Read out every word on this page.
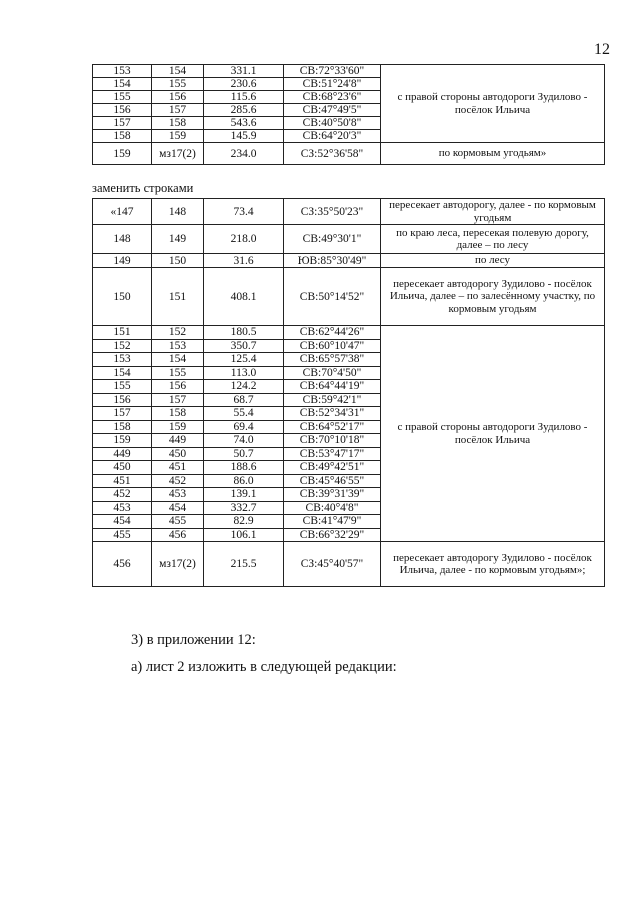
12
153	154	331.1	СВ:72°33'60"	с правой стороны автодороги Зудилово - посёлок Ильича
154	155	230.6	СВ:51°24'8"	
155	156	115.6	СВ:68°23'6"	
156	157	285.6	СВ:47°49'5"	
157	158	543.6	СВ:40°50'8"	
158	159	145.9	СВ:64°20'3"	
159	мз17(2)	234.0	СЗ:52°36'58"	по кормовым угодьям»
заменить строками
«147	148	73.4	СЗ:35°50'23"	пересекает автодорогу, далее - по кормовым угодьям
148	149	218.0	СВ:49°30'1"	по краю леса, пересекая полевую дорогу, далее – по лесу
149	150	31.6	ЮВ:85°30'49"	по лесу
150	151	408.1	СВ:50°14'52"	пересекает автодорогу Зудилово - посёлок Ильича, далее – по залесённому участку, по кормовым угодьям
151	152	180.5	СВ:62°44'26"	с правой стороны автодороги Зудилово - посёлок Ильича
152	153	350.7	СВ:60°10'47"	
153	154	125.4	СВ:65°57'38"	
154	155	113.0	СВ:70°4'50"	
155	156	124.2	СВ:64°44'19"	
156	157	68.7	СВ:59°42'1"	
157	158	55.4	СВ:52°34'31"	
158	159	69.4	СВ:64°52'17"	
159	449	74.0	СВ:70°10'18"	
449	450	50.7	СВ:53°47'17"	
450	451	188.6	СВ:49°42'51"	
451	452	86.0	СВ:45°46'55"	
452	453	139.1	СВ:39°31'39"	
453	454	332.7	СВ:40°4'8"	
454	455	82.9	СВ:41°47'9"	
455	456	106.1	СВ:66°32'29"	
456	мз17(2)	215.5	СЗ:45°40'57"	пересекает автодорогу Зудилово - посёлок Ильича, далее - по кормовым угодьям»;
3) в приложении 12:
а) лист 2 изложить в следующей редакции:
